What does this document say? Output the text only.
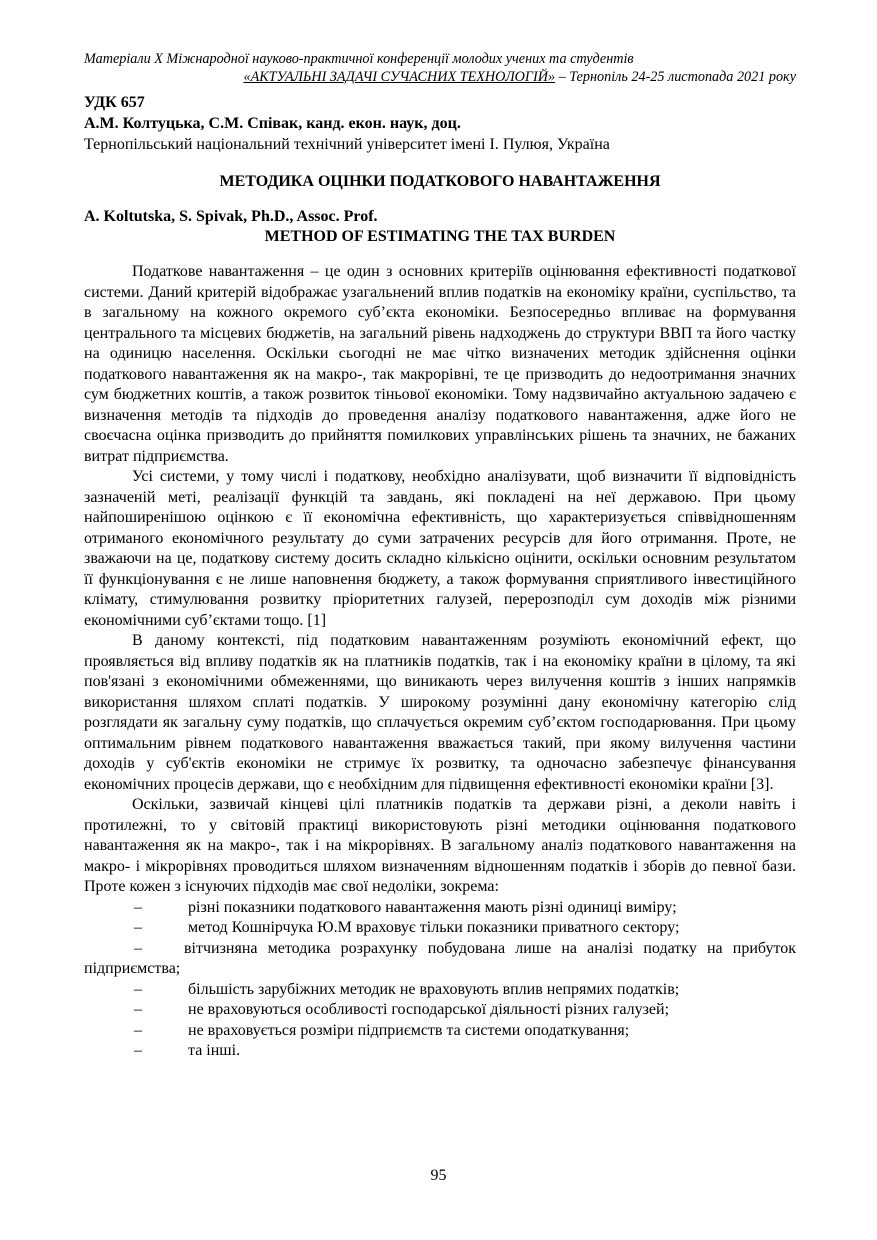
Матеріали X Міжнародної науково-практичної конференції молодих учених та студентів
«АКТУАЛЬНІ ЗАДАЧІ СУЧАСНИХ ТЕХНОЛОГІЙ» – Тернопіль 24-25 листопада 2021 року
УДК 657
А.М. Колтуцька, С.М. Співак, канд. екон. наук, доц.
Тернопільський національний технічний університет імені І. Пулюя, Україна
МЕТОДИКА ОЦІНКИ ПОДАТКОВОГО НАВАНТАЖЕННЯ
A. Koltutska, S. Spivak, Ph.D., Assoc. Prof.
METHOD OF ESTIMATING THE TAX BURDEN

Податкове навантаження – це один з основних критеріїв оцінювання ефективності податкової системи. Даний критерій відображає узагальнений вплив податків на економіку країни, суспільство, та в загальному на кожного окремого суб’єкта економіки. Безпосередньо впливає на формування центрального та місцевих бюджетів, на загальний рівень надходжень до структури ВВП та його частку на одиницю населення. Оскільки сьогодні не має чітко визначених методик здійснення оцінки податкового навантаження як на макро-, так макрорівні, те це призводить до недоотримання значних сум бюджетних коштів, а також розвиток тіньової економіки. Тому надзвичайно актуальною задачею є визначення методів та підходів до проведення аналізу податкового навантаження, адже його не своєчасна оцінка призводить до прийняття помилкових управлінських рішень та значних, не бажаних витрат підприємства.

Усі системи, у тому числі і податкову, необхідно аналізувати, щоб визначити її відповідність зазначеній меті, реалізації функцій та завдань, які покладені на неї державою. При цьому найпоширенішою оцінкою є її економічна ефективність, що характеризується співвідношенням отриманого економічного результату до суми затрачених ресурсів для його отримання. Проте, не зважаючи на це, податкову систему досить складно кількісно оцінити, оскільки основним результатом її функціонування є не лише наповнення бюджету, а також формування сприятливого інвестиційного клімату, стимулювання розвитку пріоритетних галузей, перерозподіл сум доходів між різними економічними суб’єктами тощо. [1]

В даному контексті, під податковим навантаженням розуміють економічний ефект, що проявляється від впливу податків як на платників податків, так і на економіку країни в цілому, та які пов'язані з економічними обмеженнями, що виникають через вилучення коштів з інших напрямків використання шляхом сплаті податків. У широкому розумінні дану економічну категорію слід розглядати як загальну суму податків, що сплачується окремим суб’єктом господарювання. При цьому оптимальним рівнем податкового навантаження вважається такий, при якому вилучення частини доходів у суб'єктів економіки не стримує їх розвитку, та одночасно забезпечує фінансування економічних процесів держави, що є необхідним для підвищення ефективності економіки країни [3].

Оскільки, зазвичай кінцеві цілі платників податків та держави різні, а деколи навіть і протилежні, то у світовій практиці використовують різні методики оцінювання податкового навантаження як на макро-, так і на мікрорівнях. В загальному аналіз податкового навантаження на макро- і мікрорівнях проводиться шляхом визначенням відношенням податків і зборів до певної бази. Проте кожен з існуючих підходів має свої недоліки, зокрема:

–	різні показники податкового навантаження мають різні одиниці виміру;
–	метод Кошнірчука Ю.М враховує тільки показники приватного сектору;
–	вітчизняна методика розрахунку побудована лише на аналізі податку на прибуток підприємства;
–	більшість зарубіжних методик не враховують вплив непрямих податків;
–	не враховуються особливості господарської діяльності різних галузей;
–	не враховується розміри підприємств та системи оподаткування;
–	та інші.
95
